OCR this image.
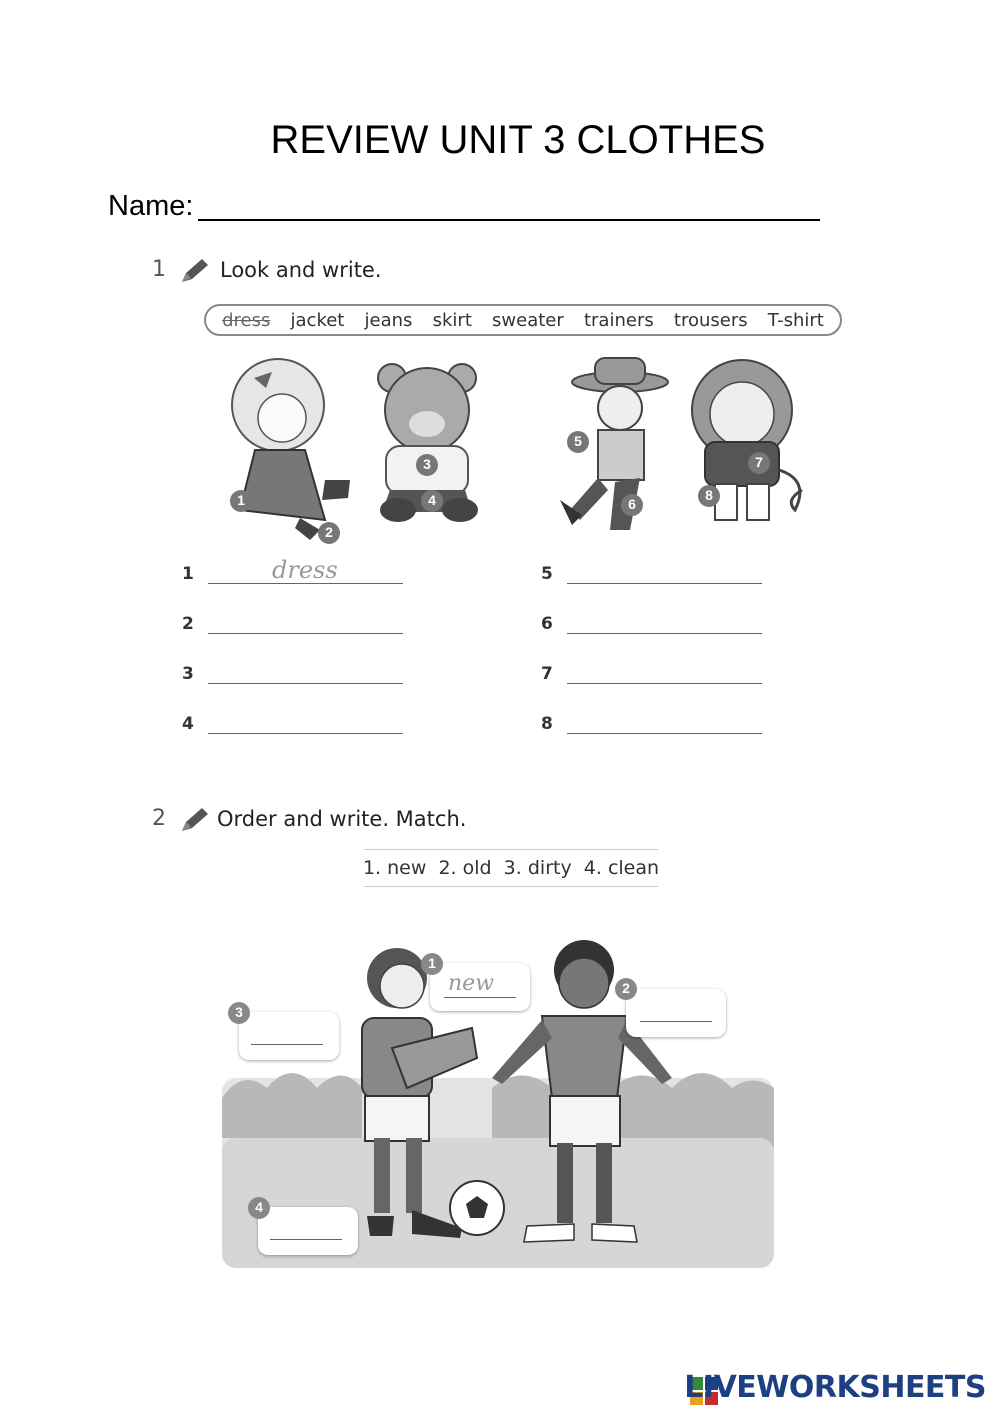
REVIEW UNIT 3 CLOTHES
Name:
1	Look and write.
dress jacket jeans skirt sweater trainers trousers T-shirt
1
2
3
4
5
6
7
8
1	dress
2
3
4
5
6
7
8
2 Order and write. Match.
1. new  2. old  3. dirty  4. clean
new
1
2
3
4
LIVEWORKSHEETS
